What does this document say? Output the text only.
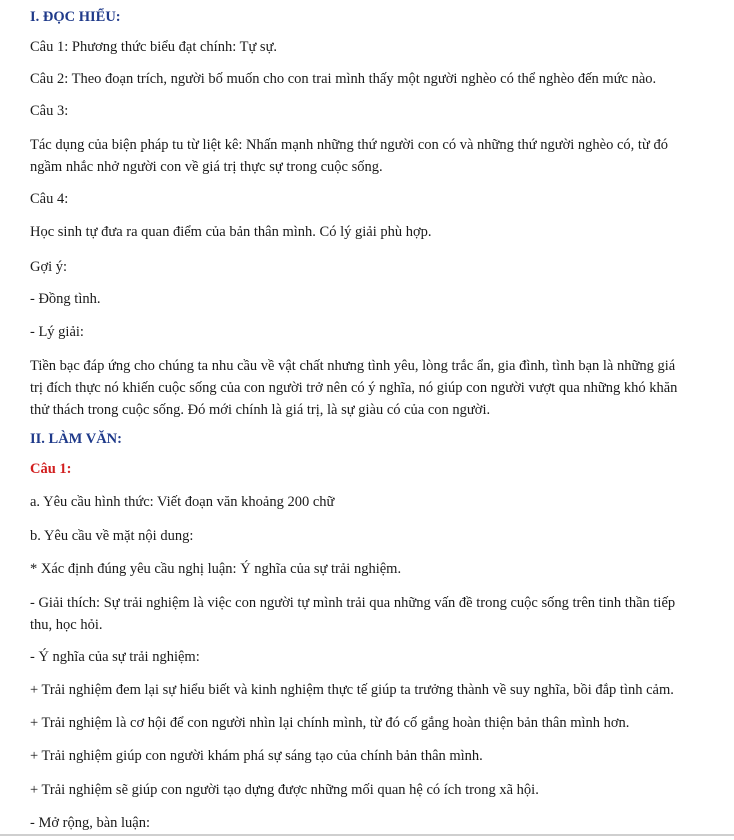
I. ĐỌC HIỂU:
Câu 1: Phương thức biểu đạt chính: Tự sự.
Câu 2: Theo đoạn trích, người bố muốn cho con trai mình thấy một người nghèo có thể nghèo đến mức nào.
Câu 3:
Tác dụng của biện pháp tu từ liệt kê: Nhấn mạnh những thứ người con có và những thứ người nghèo có, từ đó
ngầm nhắc nhở người con về giá trị thực sự trong cuộc sống.
Câu 4:
Học sinh tự đưa ra quan điểm của bản thân mình. Có lý giải phù hợp.
Gợi ý:
- Đồng tình.
- Lý giải:
Tiền bạc đáp ứng cho chúng ta nhu cầu về vật chất nhưng tình yêu, lòng trắc ẩn, gia đình, tình bạn là những giá
trị đích thực nó khiến cuộc sống của con người trở nên có ý nghĩa, nó giúp con người vượt qua những khó khăn
thử thách trong cuộc sống. Đó mới chính là giá trị, là sự giàu có của con người.
II. LÀM VĂN:
Câu 1:
a. Yêu cầu hình thức: Viết đoạn văn khoảng 200 chữ
b. Yêu cầu về mặt nội dung:
* Xác định đúng yêu cầu nghị luận: Ý nghĩa của sự trải nghiệm.
- Giải thích: Sự trải nghiệm là việc con người tự mình trải qua những vấn đề trong cuộc sống trên tinh thần tiếp
thu, học hỏi.
- Ý nghĩa của sự trải nghiệm:
+ Trải nghiệm đem lại sự hiểu biết và kinh nghiệm thực tế giúp ta trưởng thành về suy nghĩa, bồi đắp tình cảm.
+ Trải nghiệm là cơ hội để con người nhìn lại chính mình, từ đó cố gắng hoàn thiện bản thân mình hơn.
+ Trải nghiệm giúp con người khám phá sự sáng tạo của chính bản thân mình.
+ Trải nghiệm sẽ giúp con người tạo dựng được những mối quan hệ có ích trong xã hội.
- Mở rộng, bàn luận:
